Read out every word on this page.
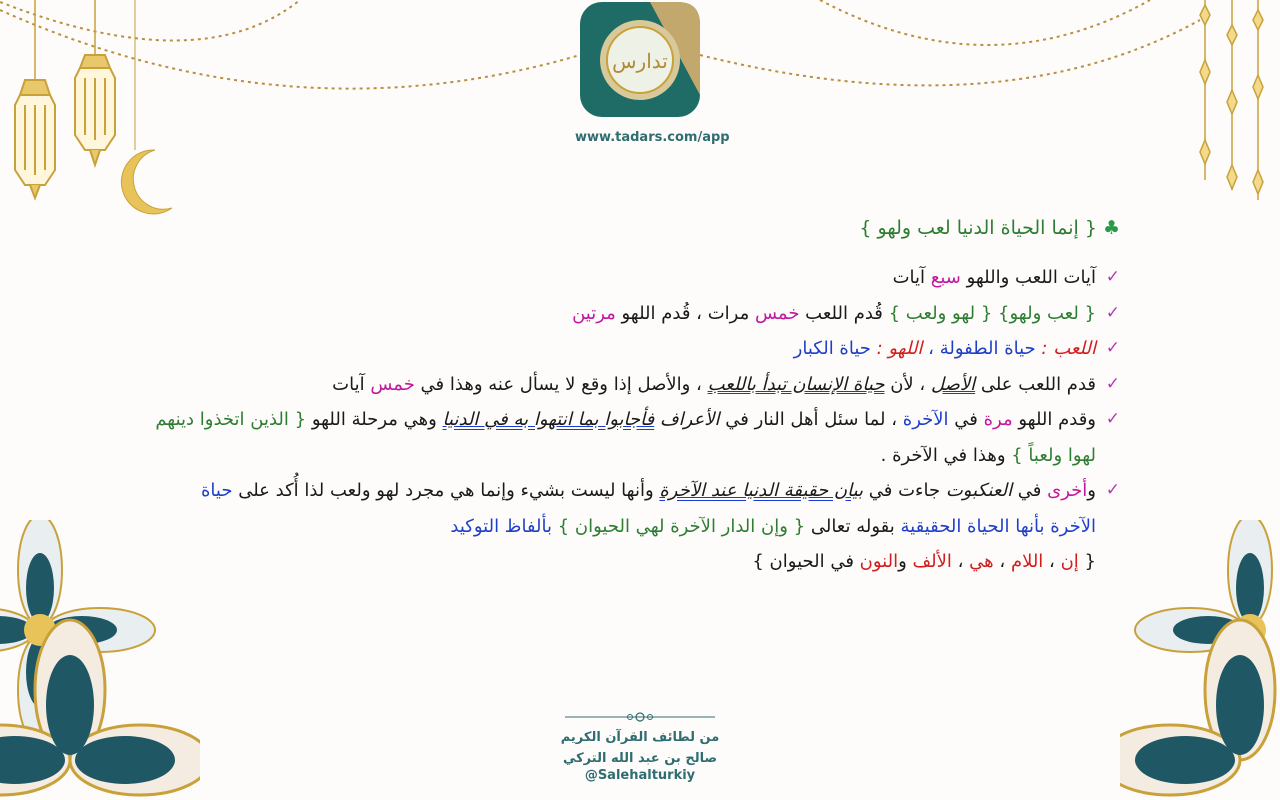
تدارس
www.tadars.com/app
♣{ إنما الحياة الدنيا لعب ولهو }
✓
آيات اللعب واللهو سبع آيات
✓
{ لعب ولهو} { لهو ولعب } قُدم اللعب خمس مرات ، قُدم اللهو مرتين
✓
اللعب : حياة الطفولة ، اللهو : حياة الكبار
✓
قدم اللعب على الأصل ، لأن حياة الإنسان تبدأ باللعب ، والأصل إذا وقع لا يسأل عنه وهذا في خمس آيات
✓
وقدم اللهو مرة في الآخرة ، لما سئل أهل النار في الأعراف فأجابوا بما انتهوا به في الدنيا وهي مرحلة اللهو { الذين اتخذوا دينهم لهوا ولعباً } وهذا في الآخرة .
✓
وأخرى في العنكبوت جاءت في بيان حقيقة الدنيا عند الآخرة وأنها ليست بشيء وإنما هي مجرد لهو ولعب لذا أُكد على حياة الآخرة بأنها الحياة الحقيقية بقوله تعالى { وإن الدار الآخرة لهي الحيوان } بألفاظ التوكيد
{ إن ، اللام ، هي ، الألف والنون في الحيوان }
من لطائف القرآن الكريم
صالح بن عبد الله التركي
@Salehalturkiy
